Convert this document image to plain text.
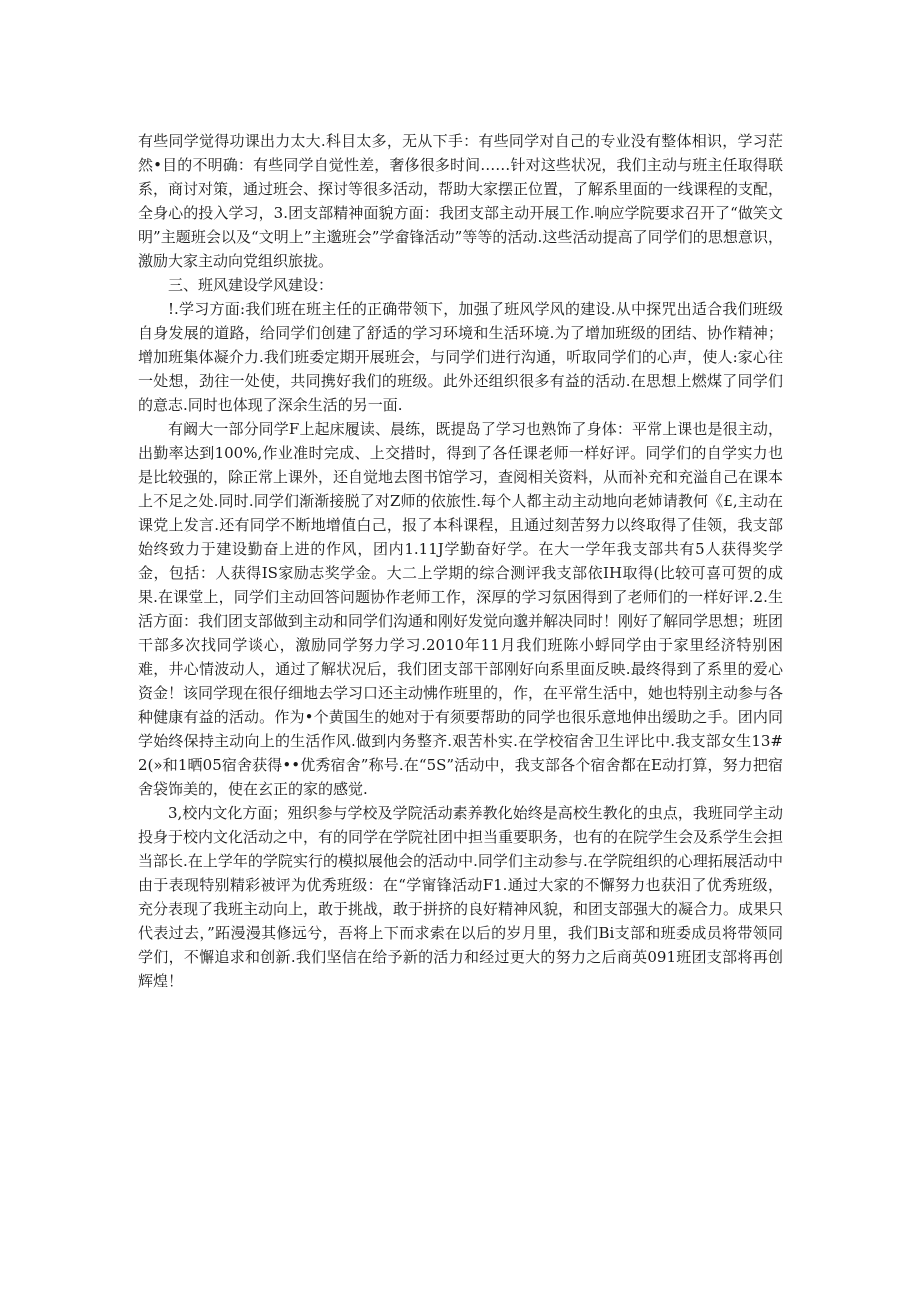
有些同学觉得功课出力太大.科目太多，无从下手：有些同学对自己的专业没有整体相识，学习茫然•目的不明确：有些同学自觉性差，奢侈很多时间……针对这些状况，我们主动与班主任取得联系，商讨对策，通过班会、探讨等很多活动，帮助大家摆正位置，了解系里面的一线课程的支配，全身心的投入学习，3.团支部精神面貌方面：我团支部主动开展工作.响应学院要求召开了“做笑文明”主题班会以及“文明上”主邈班会”学畲锋活动”等等的活动.这些活动提高了同学们的思想意识，激励大家主动向党组织旅拢。

三、班风建设学风建设：

!.学习方面:我们班在班主任的正确带领下，加强了班风学风的建设.从中探咒出适合我们班级自身发展的道路，给同学们创建了舒适的学习环境和生活环境.为了增加班级的团结、协作精神；增加班集体凝介力.我们班委定期开展班会，与同学们进行沟通，听取同学们的心声，使人:家心往一处想，劲往一处使，共同携好我们的班级。此外还组织很多有益的活动.在思想上燃煤了同学们的意志.同时也体现了深余生活的另一面.

有阚大一部分同学F上起床履读、晨练，既提岛了学习也熟饰了身体：平常上课也是很主动，出勤率达到100%,作业准时完成、上交措时，得到了各任课老师一样好评。同学们的自学实力也是比较强的，除正常上课外，还自觉地去图书馆学习，查阅相关资料，从而补充和充溢自己在课本上不足之处.同时.同学们渐渐接脱了对Z师的依旅性.每个人都主动主动地向老姉请教何《£,主动在课党上发言.还有同学不断地增值白己，报了本科课程，且通过刻苦努力以终取得了佳领，我支部始终致力于建设勤奋上进的作风，团内1.11J学勤奋好学。在大一学年我支部共有5人获得奖学金，包括：人获得IS家励志奖学金。大二上学期的综合测评我支部依IH取得(比较可喜可贺的成果.在课堂上，同学们主动回答问题协作老师工作，深厚的学习氛困得到了老师们的一样好评.2.生活方面：我们团支部做到主动和同学们沟通和刚好发觉向邈并解决同时！刚好了解同学思想；班团干部多次找同学谈心，激励同学努力学习.2010年11月我们班陈小蜉同学由于家里经济特别困难，井心情波动人，通过了解状况后，我们团支部干部刚好向系里面反映.最终得到了系里的爱心资金！该同学现在很仔细地去学习口还主动怫作班里的，作，在平常生活中，她也特别主动参与各种健康有益的活动。作为•个黄国生的她对于有须要帮助的同学也很乐意地伸出缓助之手。团内同学始终保持主动向上的生活作风.做到内务整齐.艰苦朴实.在学校宿舍卫生评比中.我支部女生13#2(»和1晒05宿舍获得••优秀宿舍”称号.在“5S”活动中，我支部各个宿舍都在E动打算，努力把宿舍袋饰美的，使在玄正的家的感觉.

3,校内文化方面；殂织参与学校及学院活动素养教化始终是高校生教化的虫点，我班同学主动投身于校内文化活动之中，有的同学在学院社团中担当重要职务，也有的在院学生会及系学生会担当部长.在上学年的学院实行的模拟展他会的活动中.同学们主动参与.在学院组织的心理拓展活动中由于表现特别精彩被评为优秀班级：在“学甯锋活动F1.通过大家的不懈努力也获汨了优秀班级，充分表现了我班主动向上，敢于挑战，敢于拼挤的良好精神风貌，和团支部强大的凝合力。成果只代表过去，”跖漫漫其修远兮，吾将上下而求索在以后的岁月里，我们Bi支部和班委成员将带领同学们，不懈追求和创新.我们坚信在给予新的活力和经过更大的努力之后商英091班团支部将再创辉煌！
